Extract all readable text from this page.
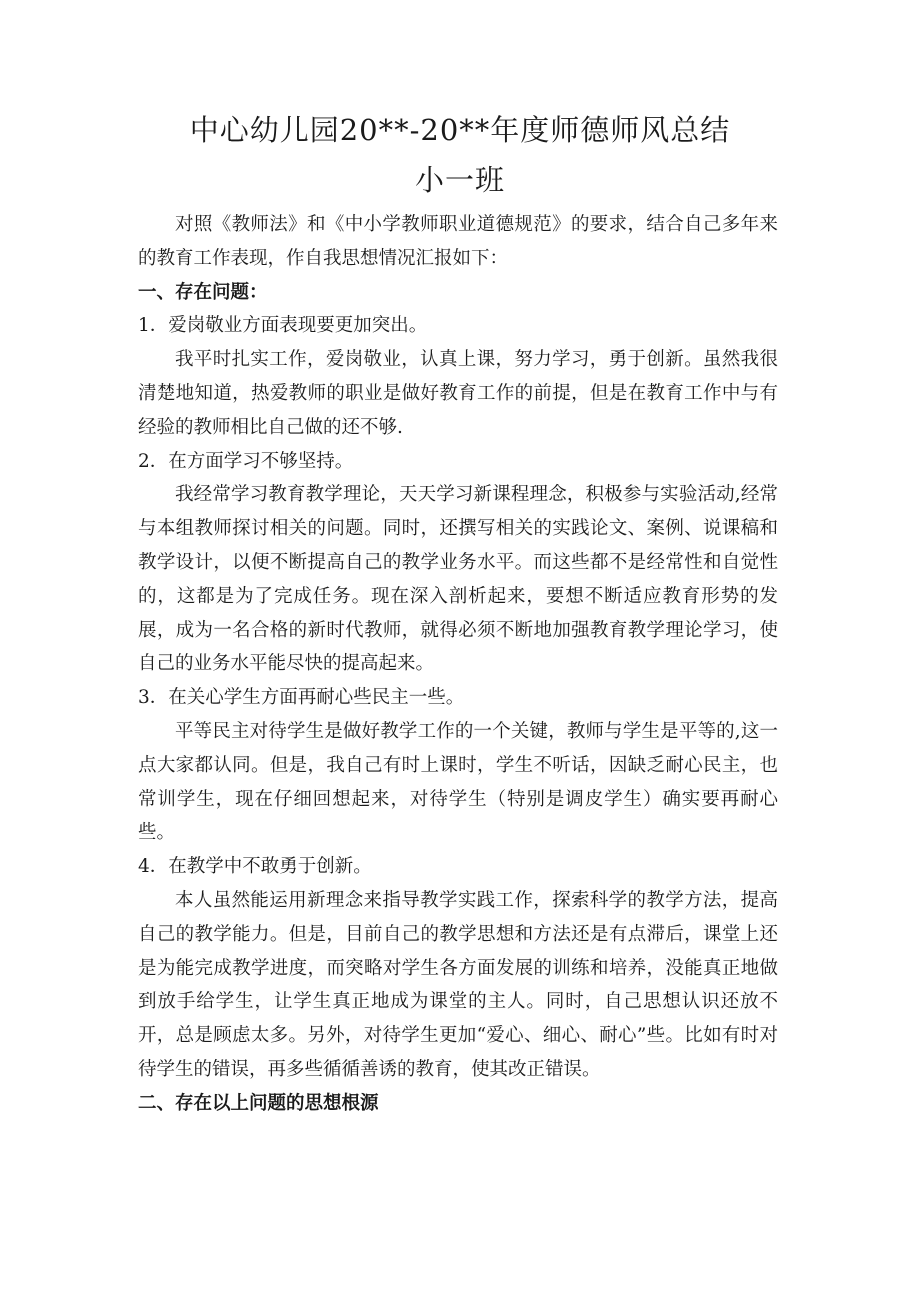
中心幼儿园20**-20**年度师德师风总结
小一班

对照《教师法》和《中小学教师职业道德规范》的要求，结合自己多年来的教育工作表现，作自我思想情况汇报如下：

一、存在问题：

1．爱岗敬业方面表现要更加突出。

我平时扎实工作，爱岗敬业，认真上课，努力学习，勇于创新。虽然我很清楚地知道，热爱教师的职业是做好教育工作的前提，但是在教育工作中与有经验的教师相比自己做的还不够.

2．在方面学习不够坚持。

我经常学习教育教学理论，天天学习新课程理念，积极参与实验活动,经常与本组教师探讨相关的问题。同时，还撰写相关的实践论文、案例、说课稿和教学设计，以便不断提高自己的教学业务水平。而这些都不是经常性和自觉性的，这都是为了完成任务。现在深入剖析起来，要想不断适应教育形势的发展，成为一名合格的新时代教师，就得必须不断地加强教育教学理论学习，使自己的业务水平能尽快的提高起来。

3．在关心学生方面再耐心些民主一些。

平等民主对待学生是做好教学工作的一个关键，教师与学生是平等的,这一点大家都认同。但是，我自己有时上课时，学生不听话，因缺乏耐心民主，也常训学生，现在仔细回想起来，对待学生（特别是调皮学生）确实要再耐心些。

4．在教学中不敢勇于创新。

本人虽然能运用新理念来指导教学实践工作，探索科学的教学方法，提高自己的教学能力。但是，目前自己的教学思想和方法还是有点滞后，课堂上还是为能完成教学进度，而突略对学生各方面发展的训练和培养，没能真正地做到放手给学生，让学生真正地成为课堂的主人。同时，自己思想认识还放不开，总是顾虑太多。另外，对待学生更加“爱心、细心、耐心”些。比如有时对待学生的错误，再多些循循善诱的教育，使其改正错误。

二、存在以上问题的思想根源
